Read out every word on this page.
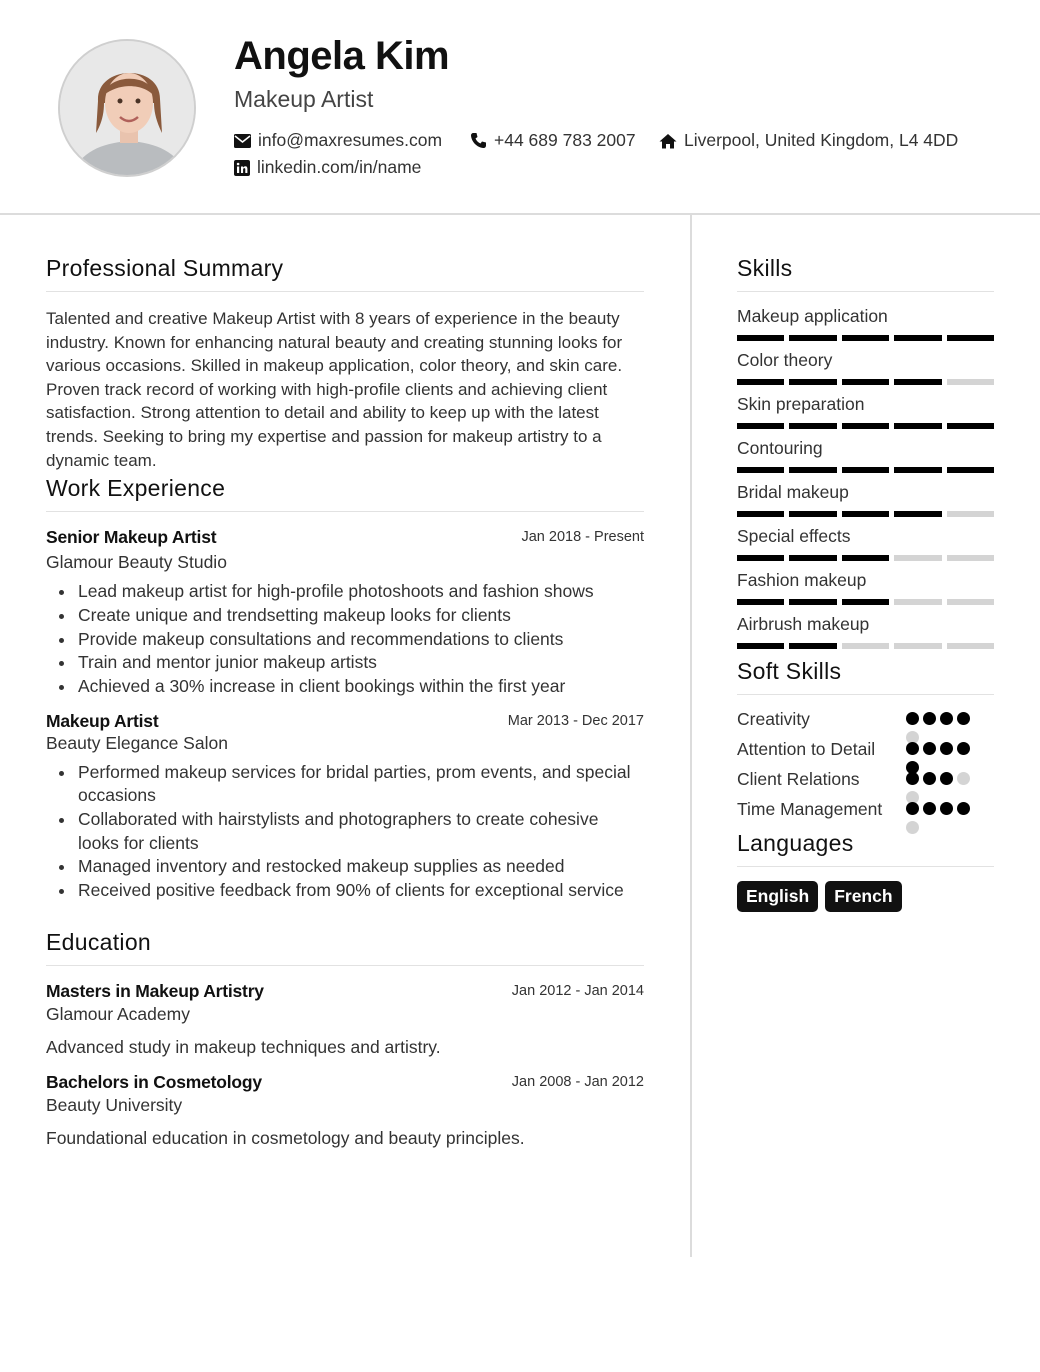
Angela Kim
Makeup Artist
info@maxresumes.com	+44 689 783 2007	Liverpool, United Kingdom, L4 4DD
linkedin.com/in/name
Professional Summary

Talented and creative Makeup Artist with 8 years of experience in the beauty industry. Known for enhancing natural beauty and creating stunning looks for various occasions. Skilled in makeup application, color theory, and skin care. Proven track record of working with high-profile clients and achieving client satisfaction. Strong attention to detail and ability to keep up with the latest trends. Seeking to bring my expertise and passion for makeup artistry to a dynamic team.

Work Experience
Senior Makeup Artist	Jan 2018 - Present
Glamour Beauty Studio
Lead makeup artist for high-profile photoshoots and fashion shows
Create unique and trendsetting makeup looks for clients
Provide makeup consultations and recommendations to clients
Train and mentor junior makeup artists
Achieved a 30% increase in client bookings within the first year
Makeup Artist	Mar 2013 - Dec 2017
Beauty Elegance Salon
Performed makeup services for bridal parties, prom events, and special occasions
Collaborated with hairstylists and photographers to create cohesive looks for clients
Managed inventory and restocked makeup supplies as needed
Received positive feedback from 90% of clients for exceptional service
Education
Masters in Makeup Artistry	Jan 2012 - Jan 2014
Glamour Academy
Advanced study in makeup techniques and artistry.
Bachelors in Cosmetology	Jan 2008 - Jan 2012
Beauty University
Foundational education in cosmetology and beauty principles.
Skills
Makeup application
Color theory
Skin preparation
Contouring
Bridal makeup
Special effects
Fashion makeup
Airbrush makeup
Soft Skills
Creativity
Attention to Detail
Client Relations
Time Management
Languages
English	French
